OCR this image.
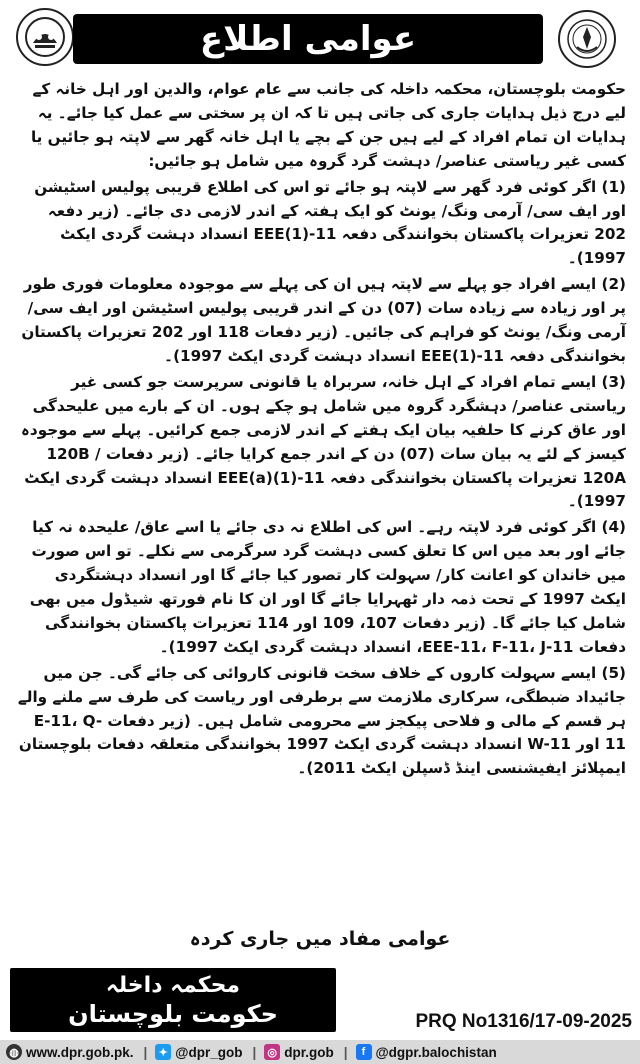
عوامی اطلاع

حکومت بلوچستان، محکمہ داخلہ کی جانب سے عام عوام، والدین اور اہل خانہ کے لیے درج ذیل ہدایات جاری کی جاتی ہیں تا کہ ان پر سختی سے عمل کیا جائے۔ یہ ہدایات ان تمام افراد کے لیے ہیں جن کے بچے یا اہل خانہ گھر سے لاپتہ ہو جائیں یا کسی غیر ریاستی عناصر/ دہشت گرد گروہ میں شامل ہو جائیں:

(1) اگر کوئی فرد گھر سے لاپتہ ہو جائے تو اس کی اطلاع قریبی پولیس اسٹیشن اور ایف سی/ آرمی ونگ/ یونٹ کو ایک ہفتہ کے اندر لازمی دی جائے۔ (زیر دفعہ 202 تعزیرات پاکستان بخوانندگی دفعہ 11-(1)EEE انسداد دہشت گردی ایکٹ 1997)۔

(2) ایسے افراد جو پہلے سے لاپتہ ہیں ان کی پہلے سے موجودہ معلومات فوری طور پر اور زیادہ سے زیادہ سات (07) دن کے اندر قریبی پولیس اسٹیشن اور ایف سی/ آرمی ونگ/ یونٹ کو فراہم کی جائیں۔ (زیر دفعات 118 اور 202 تعزیرات پاکستان بخوانندگی دفعہ 11-(1)EEE انسداد دہشت گردی ایکٹ 1997)۔

(3) ایسے تمام افراد کے اہل خانہ، سربراہ یا قانونی سرپرست جو کسی غیر ریاستی عناصر/ دہشگرد گروہ میں شامل ہو چکے ہوں۔ ان کے بارے میں علیحدگی اور عاق کرنے کا حلفیہ بیان ایک ہفتے کے اندر لازمی جمع کرائیں۔ پہلے سے موجودہ کیسز کے لئے یہ بیان سات (07) دن کے اندر جمع کرایا جائے۔ (زیر دفعات 120B / 120A تعزیرات پاکستان بخوانندگی دفعہ 11-(1)EEE(a) انسداد دہشت گردی ایکٹ 1997)۔

(4) اگر کوئی فرد لاپتہ رہے۔ اس کی اطلاع نہ دی جائے یا اسے عاق/ علیحدہ نہ کیا جائے اور بعد میں اس کا تعلق کسی دہشت گرد سرگرمی سے نکلے۔ تو اس صورت میں خاندان کو اعانت کار/ سہولت کار تصور کیا جائے گا اور انسداد دہشتگردی ایکٹ 1997 کے تحت ذمہ دار ٹھہرایا جائے گا اور ان کا نام فورتھ شیڈول میں بھی شامل کیا جائے گا۔ (زیر دفعات 107، 109 اور 114 تعزیرات پاکستان بخوانندگی دفعات EEE-11، F-11، J-11، انسداد دہشت گردی ایکٹ 1997)۔

(5) ایسے سہولت کاروں کے خلاف سخت قانونی کاروائی کی جائے گی۔ جن میں جائیداد ضبطگی، سرکاری ملازمت سے برطرفی اور ریاست کی طرف سے ملنے والے ہر قسم کے مالی و فلاحی پیکجز سے محرومی شامل ہیں۔ (زیر دفعات E-11، Q-11 اور W-11 انسداد دہشت گردی ایکٹ 1997 بخوانندگی متعلقہ دفعات بلوچستان ایمپلائز ایفیشنسی اینڈ ڈسپلن ایکٹ 2011)۔

عوامی مفاد میں جاری کردہ
محکمہ داخلہ
حکومت بلوچستان	PRQ No1316/17-09-2025
◍ www.dpr.gob.pk. |	✦ @dpr_gob | ◎ dpr.gob |	f @dgpr.balochistan
